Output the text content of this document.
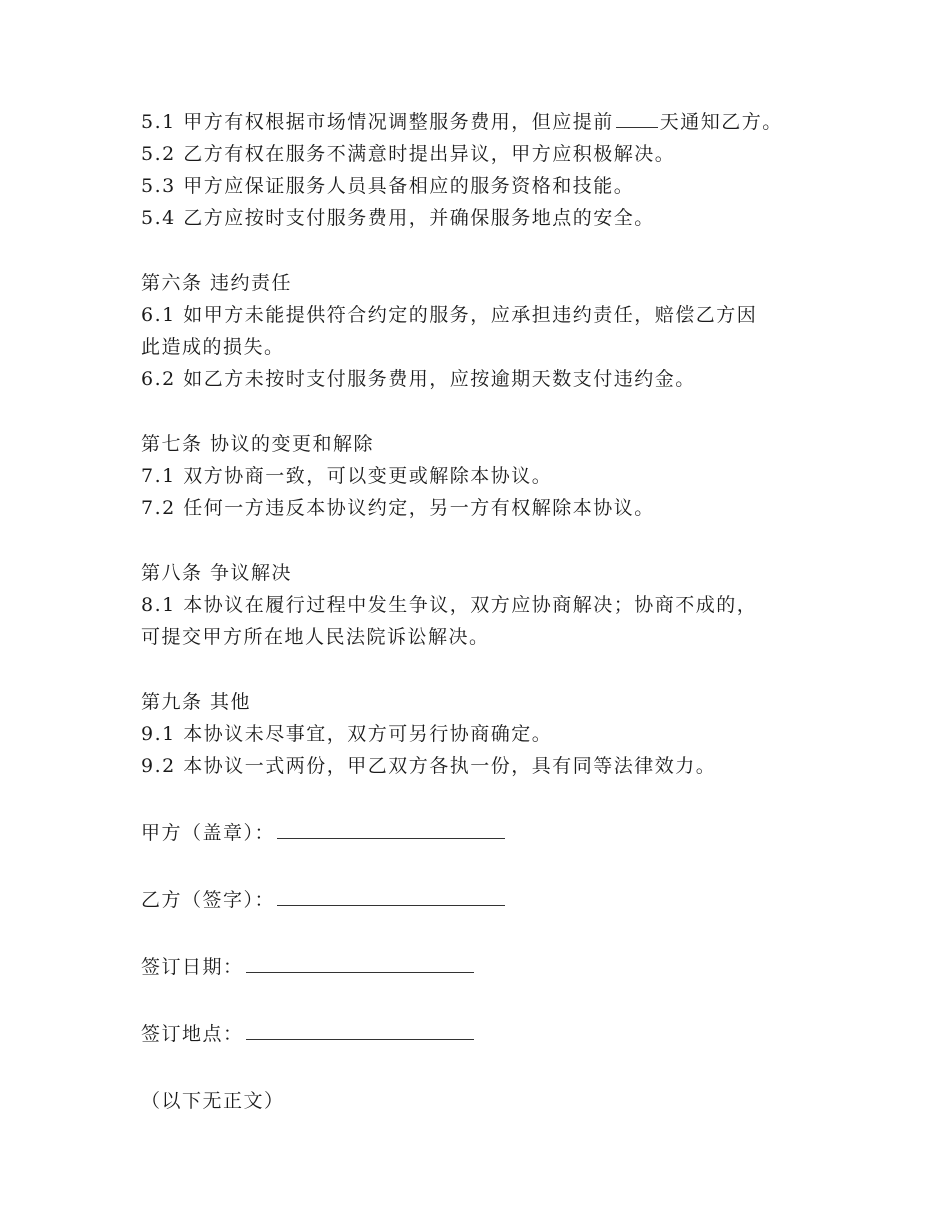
5.1 甲方有权根据市场情况调整服务费用，但应提前 天通知乙方。
5.2 乙方有权在服务不满意时提出异议，甲方应积极解决。
5.3 甲方应保证服务人员具备相应的服务资格和技能。
5.4 乙方应按时支付服务费用，并确保服务地点的安全。
第六条 违约责任
6.1 如甲方未能提供符合约定的服务，应承担违约责任，赔偿乙方因
此造成的损失。
6.2 如乙方未按时支付服务费用，应按逾期天数支付违约金。
第七条 协议的变更和解除
7.1 双方协商一致，可以变更或解除本协议。
7.2 任何一方违反本协议约定，另一方有权解除本协议。
第八条 争议解决
8.1 本协议在履行过程中发生争议，双方应协商解决；协商不成的，
可提交甲方所在地人民法院诉讼解决。
第九条 其他
9.1 本协议未尽事宜，双方可另行协商确定。
9.2 本协议一式两份，甲乙双方各执一份，具有同等法律效力。
甲方（盖章）：
乙方（签字）：
签订日期：
签订地点：
（以下无正文）
